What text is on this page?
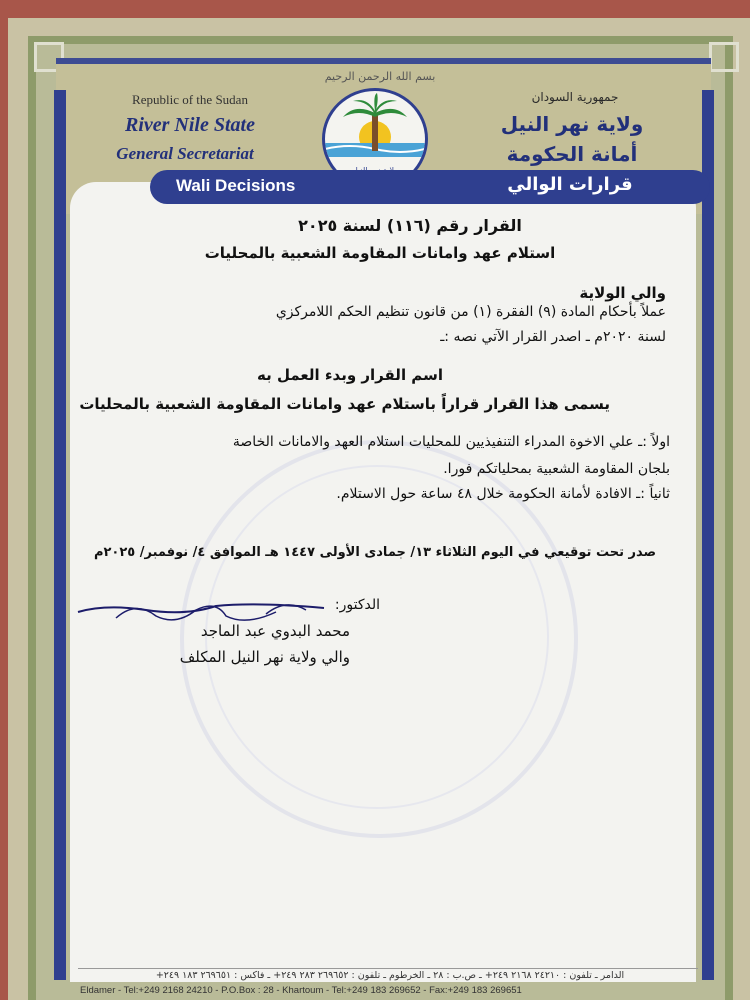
Republic of the Sudan
River Nile State
General Secretariat
جمهورية السودان
ولاية نهر النيل
أمانة الحكومة
بسم الله الرحمن الرحيم
Wali Decisions	قرارات الوالي
القرار رقم (١١٦) لسنة ٢٠٢٥
استلام عهد وامانات المقاومة الشعبية بالمحليات
والي الولاية
عملاً بأحكام المادة (٩) الفقرة (١) من قانون تنظيم الحكم اللامركزي
لسنة ٢٠٢٠م ـ اصدر القرار الآتي نصه :ـ
اسم القرار وبدء العمل به
يسمى هذا القرار قراراً باستلام عهد وامانات المقاومة الشعبية بالمحليات
اولاً :ـ علي الاخوة المدراء التنفيذيين للمحليات استلام العهد والامانات الخاصة
بلجان المقاومة الشعبية بمحلياتكم فورا.
ثانياً :ـ الافادة لأمانة الحكومة خلال ٤٨ ساعة حول الاستلام.
صدر تحت توقيعي في اليوم الثلاثاء ١٣/ جمادى الأولى ١٤٤٧ هـ الموافق ٤/ نوفمبر/ ٢٠٢٥م
الدكتور:
محمد البدوي عبد الماجد
والي ولاية نهر النيل المكلف
الدامر ـ تلفون : ٢٤٢١٠ ٢١٦٨ ٢٤٩+ ـ ص.ب : ٢٨ ـ الخرطوم ـ تلفون : ٢٦٩٦٥٢ ٢٨٣ ٢٤٩+ ـ فاكس : ٢٦٩٦٥١ ١٨٣ ٢٤٩+
Eldamer - Tel:+249 2168 24210 - P.O.Box : 28 - Khartoum - Tel:+249 183 269652 - Fax:+249 183 269651
